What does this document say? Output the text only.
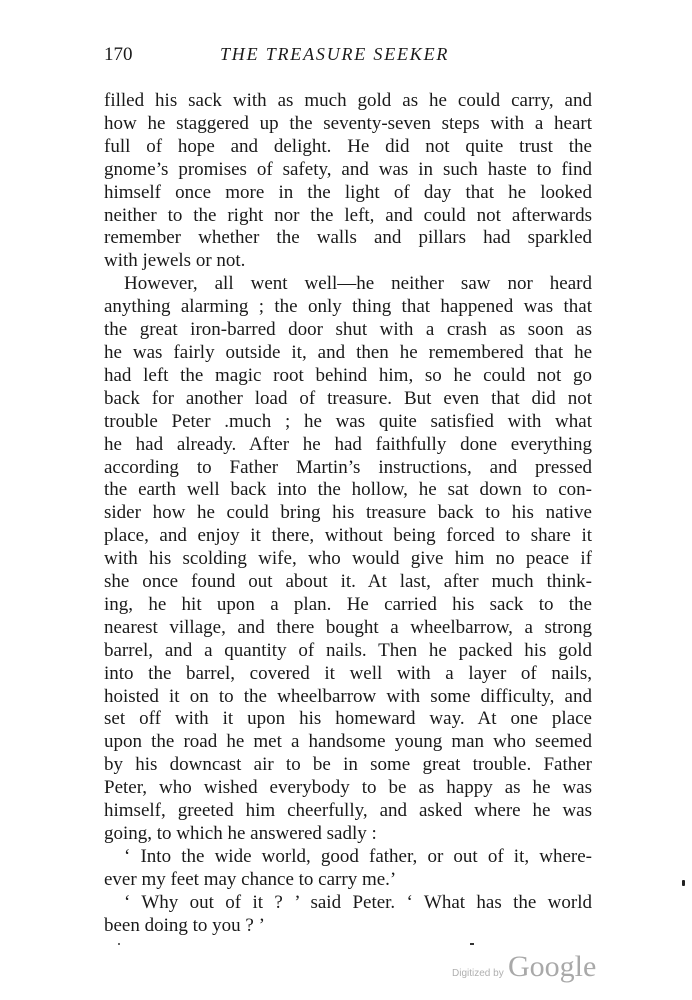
170	THE TREASURE SEEKER
filled his sack with as much gold as he could carry, and
how he staggered up the seventy-seven steps with a heart
full of hope and delight. He did not quite trust the
gnome’s promises of safety, and was in such haste to find
himself once more in the light of day that he looked
neither to the right nor the left, and could not afterwards
remember whether the walls and pillars had sparkled
with jewels or not.
However, all went well—he neither saw nor heard
anything alarming ; the only thing that happened was that
the great iron-barred door shut with a crash as soon as
he was fairly outside it, and then he remembered that he
had left the magic root behind him, so he could not go
back for another load of treasure. But even that did not
trouble Peter .much ; he was quite satisfied with what
he had already. After he had faithfully done everything
according to Father Martin’s instructions, and pressed
the earth well back into the hollow, he sat down to con-
sider how he could bring his treasure back to his native
place, and enjoy it there, without being forced to share it
with his scolding wife, who would give him no peace if
she once found out about it. At last, after much think-
ing, he hit upon a plan. He carried his sack to the
nearest village, and there bought a wheelbarrow, a strong
barrel, and a quantity of nails. Then he packed his gold
into the barrel, covered it well with a layer of nails,
hoisted it on to the wheelbarrow with some difficulty, and
set off with it upon his homeward way. At one place
upon the road he met a handsome young man who seemed
by his downcast air to be in some great trouble. Father
Peter, who wished everybody to be as happy as he was
himself, greeted him cheerfully, and asked where he was
going, to which he answered sadly :
‘ Into the wide world, good father, or out of it, where-
ever my feet may chance to carry me.’
‘ Why out of it ? ’ said Peter. ‘ What has the world
been doing to you ? ’
Digitized by Google
